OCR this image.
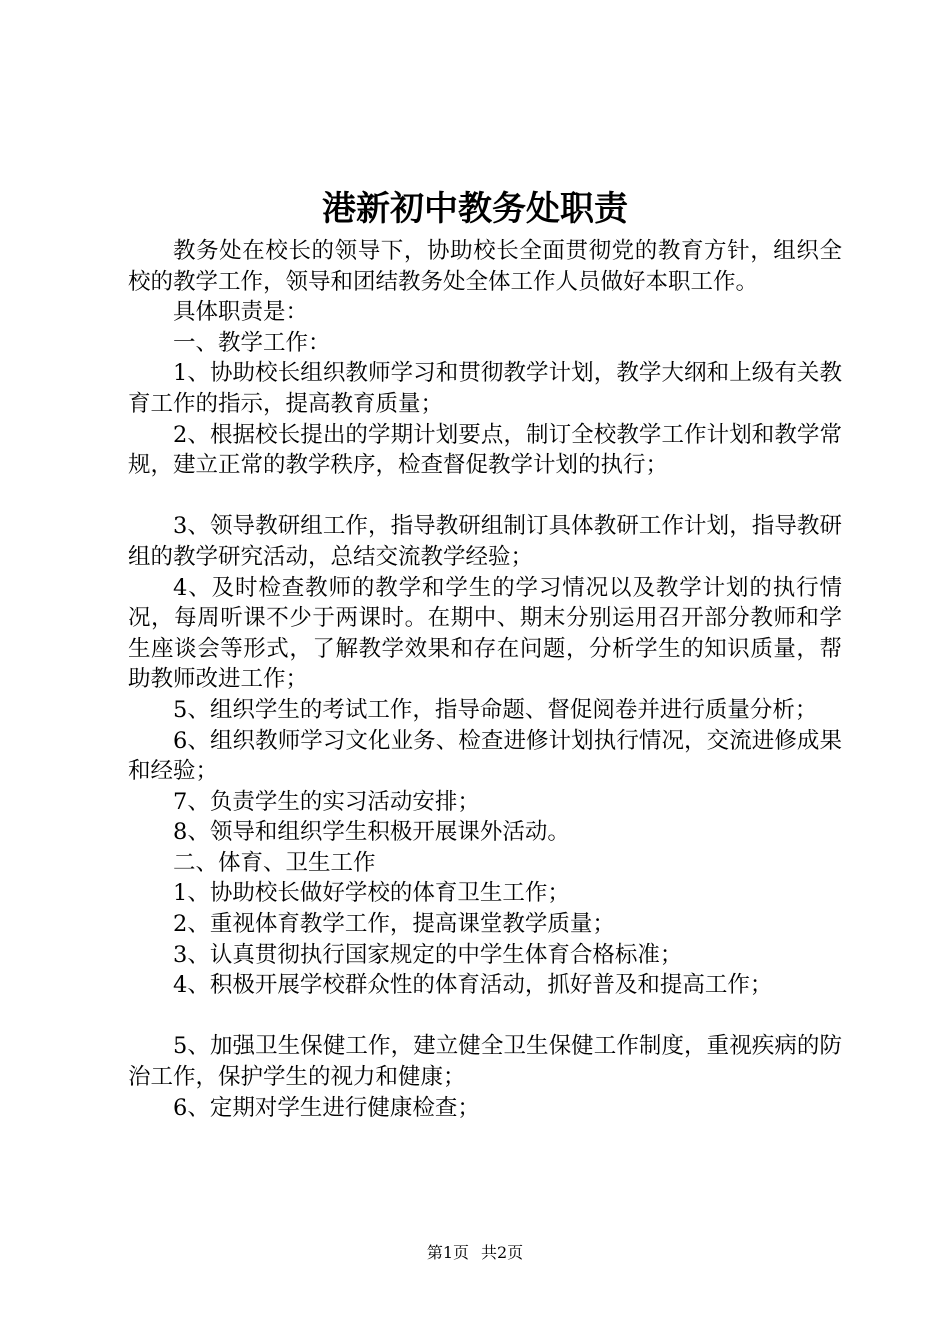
港新初中教务处职责

教务处在校长的领导下，协助校长全面贯彻党的教育方针，组织全校的教学工作，领导和团结教务处全体工作人员做好本职工作。

具体职责是：

一、教学工作：

1、协助校长组织教师学习和贯彻教学计划，教学大纲和上级有关教育工作的指示，提高教育质量；

2、根据校长提出的学期计划要点，制订全校教学工作计划和教学常规，建立正常的教学秩序，检查督促教学计划的执行；

3、领导教研组工作，指导教研组制订具体教研工作计划，指导教研组的教学研究活动，总结交流教学经验；

4、及时检查教师的教学和学生的学习情况以及教学计划的执行情况，每周听课不少于两课时。在期中、期末分别运用召开部分教师和学生座谈会等形式，了解教学效果和存在问题，分析学生的知识质量，帮助教师改进工作；

5、组织学生的考试工作，指导命题、督促阅卷并进行质量分析；

6、组织教师学习文化业务、检查进修计划执行情况，交流进修成果和经验；

7、负责学生的实习活动安排；

8、领导和组织学生积极开展课外活动。

二、体育、卫生工作

1、协助校长做好学校的体育卫生工作；

2、重视体育教学工作，提高课堂教学质量；

3、认真贯彻执行国家规定的中学生体育合格标准；

4、积极开展学校群众性的体育活动，抓好普及和提高工作；

5、加强卫生保健工作，建立健全卫生保健工作制度，重视疾病的防治工作，保护学生的视力和健康；

6、定期对学生进行健康检查；

第1页 共2页
